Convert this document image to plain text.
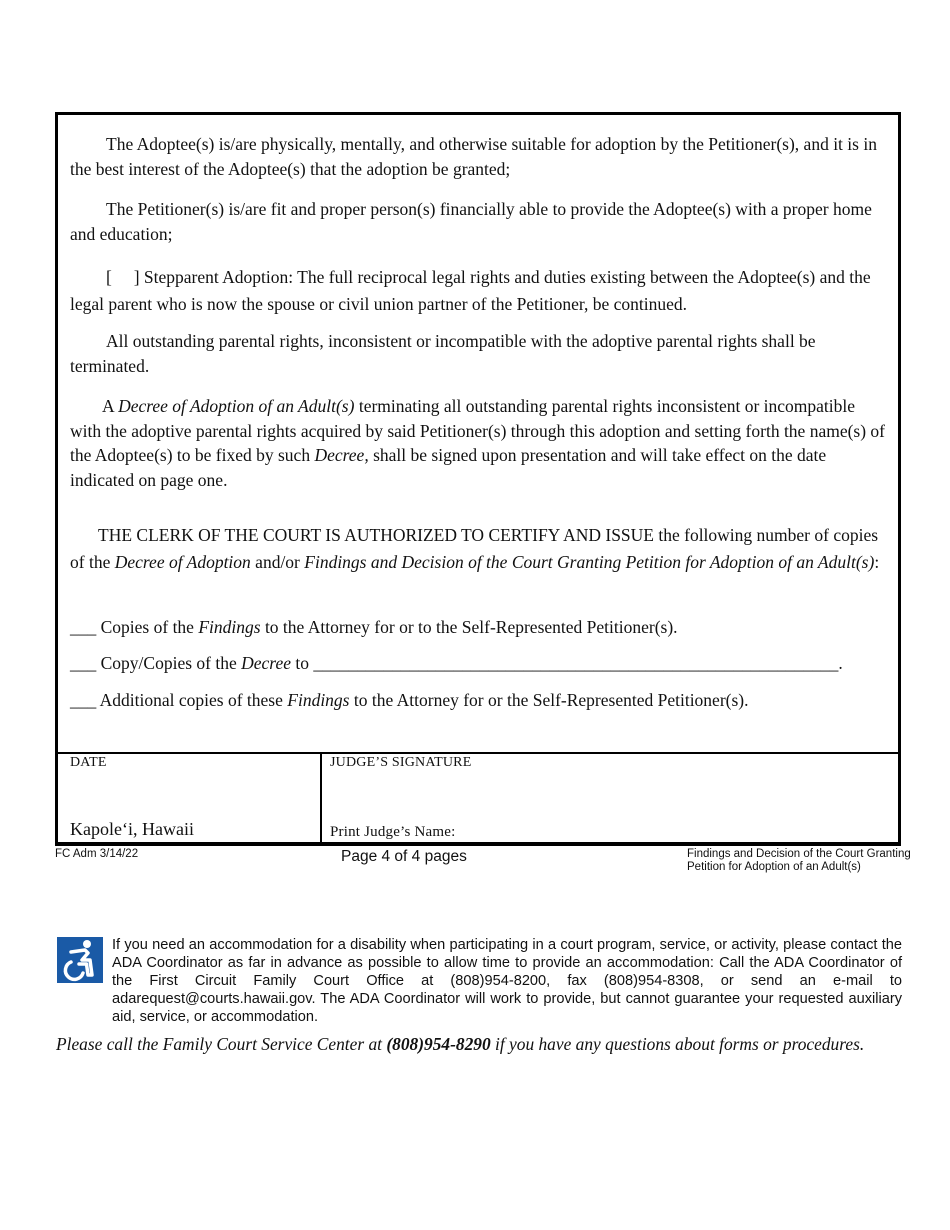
The Adoptee(s) is/are physically, mentally, and otherwise suitable for adoption by the Petitioner(s), and it is in the best interest of the Adoptee(s) that the adoption be granted;
The Petitioner(s) is/are fit and proper person(s) financially able to provide the Adoptee(s) with a proper home and education;
[     ] Stepparent Adoption: The full reciprocal legal rights and duties existing between the Adoptee(s) and the legal parent who is now the spouse or civil union partner of the Petitioner, be continued.
All outstanding parental rights, inconsistent or incompatible with the adoptive parental rights shall be terminated.
A Decree of Adoption of an Adult(s) terminating all outstanding parental rights inconsistent or incompatible with the adoptive parental rights acquired by said Petitioner(s) through this adoption and setting forth the name(s) of the Adoptee(s) to be fixed by such Decree, shall be signed upon presentation and will take effect on the date indicated on page one.
THE CLERK OF THE COURT IS AUTHORIZED TO CERTIFY AND ISSUE the following number of copies of the Decree of Adoption and/or Findings and Decision of the Court Granting Petition for Adoption of an Adult(s):
___ Copies of the Findings to the Attorney for or to the Self-Represented Petitioner(s).
___ Copy/Copies of the Decree to ____________________________________________________________.
___ Additional copies of these Findings to the Attorney for or the Self-Represented Petitioner(s).
DATE	JUDGE’S SIGNATURE
Kapole‘i, Hawaii	Print Judge’s Name:
FC Adm 3/14/22	Page 4 of 4 pages	Findings and Decision of the Court Granting
Petition for Adoption of an Adult(s)
If you need an accommodation for a disability when participating in a court program, service, or activity, please contact the ADA Coordinator as far in advance as possible to allow time to provide an accommodation: Call the ADA Coordinator of the First Circuit Family Court Office at (808)954-8200, fax (808)954-8308, or send an e-mail to adarequest@courts.hawaii.gov. The ADA Coordinator will work to provide, but cannot guarantee your requested auxiliary aid, service, or accommodation.
Please call the Family Court Service Center at (808)954-8290 if you have any questions about forms or procedures.
